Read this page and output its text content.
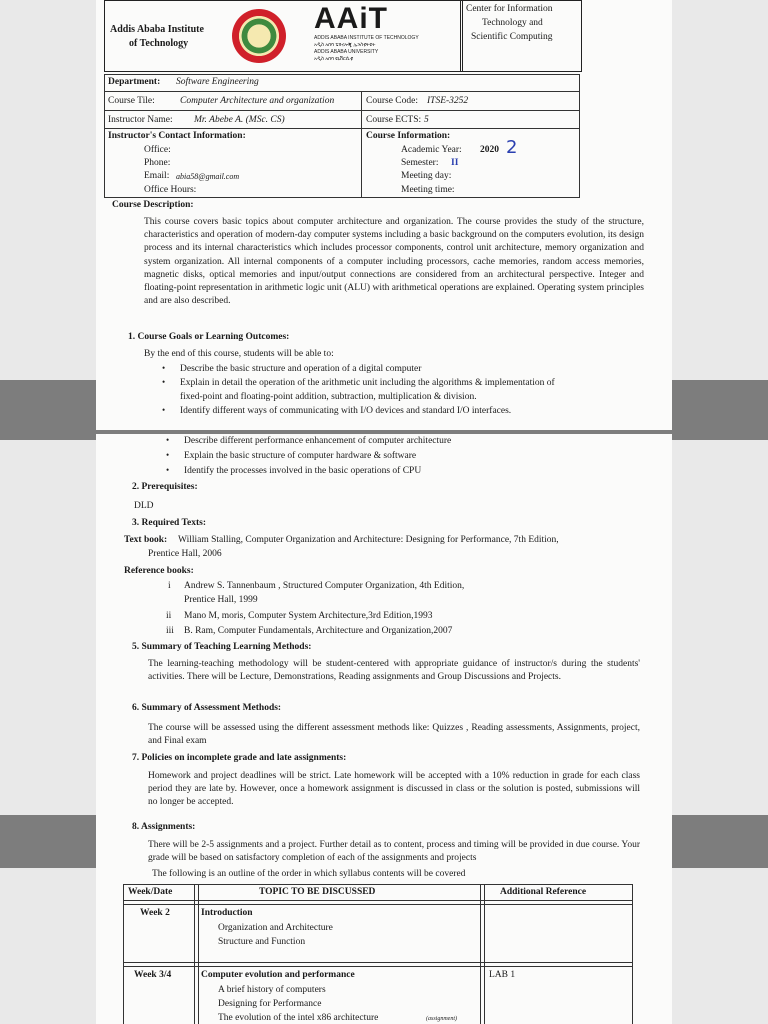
Addis Ababa Institute
of Technology
AAiT
ADDIS ABABA INSTITUTE OF TECHNOLOGY
አዲስ አበባ ቴክኖሎጂ ኢንስቲትዩት
ADDIS ABABA UNIVERSITY
አዲስ አበባ ዩኒቨርሲቲ
Center for Information
Technology and
Scientific Computing
Department: Software Engineering
Course Tile:	Computer Architecture and organization	Course Code: ITSE-3252
Instructor Name: Mr. Abebe A. (MSc. CS)	Course ECTS: 5
Instructor's Contact Information:
Office:
Phone:
Email: abia58@gmail.com
Office Hours:
Course Information:
Academic Year: 2020 2
Semester: II
Meeting day:
Meeting time:
Course Description:
This course covers basic topics about computer architecture and organization. The course provides the study of the structure, characteristics and operation of modern-day computer systems including a basic background on the computers evolution, its design process and its internal characteristics which includes processor components, control unit architecture, memory organization and system organization. All internal components of a computer including processors, cache memories, random access memories, magnetic disks, optical memories and input/output connections are considered from an architectural perspective. Integer and floating-point representation in arithmetic logic unit (ALU) with arithmetical operations are explained. Operating system principles and are also described.
1. Course Goals or Learning Outcomes:
By the end of this course, students will be able to:
• Describe the basic structure and operation of a digital computer
• Explain in detail the operation of the arithmetic unit including the algorithms & implementation of
fixed-point and floating-point addition, subtraction, multiplication & division.
• Identify different ways of communicating with I/O devices and standard I/O interfaces.
• Describe different performance enhancement of computer architecture
• Explain the basic structure of computer hardware & software
• Identify the processes involved in the basic operations of CPU
2. Prerequisites:
DLD
3. Required Texts:
Text book: William Stalling, Computer Organization and Architecture: Designing for Performance, 7th Edition,
Prentice Hall, 2006
Reference books:
i Andrew S. Tannenbaum , Structured Computer Organization, 4th Edition,
Prentice Hall, 1999
ii Mano M, moris, Computer System Architecture,3rd Edition,1993
iii B. Ram, Computer Fundamentals, Architecture and Organization,2007
5. Summary of Teaching Learning Methods:
The learning-teaching methodology will be student-centered with appropriate guidance of instructor/s during the students' activities. There will be Lecture, Demonstrations, Reading assignments and Group Discussions and Projects.
6. Summary of Assessment Methods:
The course will be assessed using the different assessment methods like: Quizzes , Reading assessments, Assignments, project, and Final exam
7. Policies on incomplete grade and late assignments:
Homework and project deadlines will be strict. Late homework will be accepted with a 10% reduction in grade for each class period they are late by. However, once a homework assignment is discussed in class or the solution is posted, submissions will no longer be accepted.
8. Assignments:
There will be 2-5 assignments and a project. Further detail as to content, process and timing will be provided in due course. Your grade will be based on satisfactory completion of each of the assignments and projects
The following is an outline of the order in which syllabus contents will be covered
Week/Date	TOPIC TO BE DISCUSSED	Additional Reference
Week 2	Introduction
Organization and Architecture
Structure and Function
Week 3/4	Computer evolution and performance	LAB 1
A brief history of computers
Designing for Performance
The evolution of the intel x86 architecture	(assignment)
